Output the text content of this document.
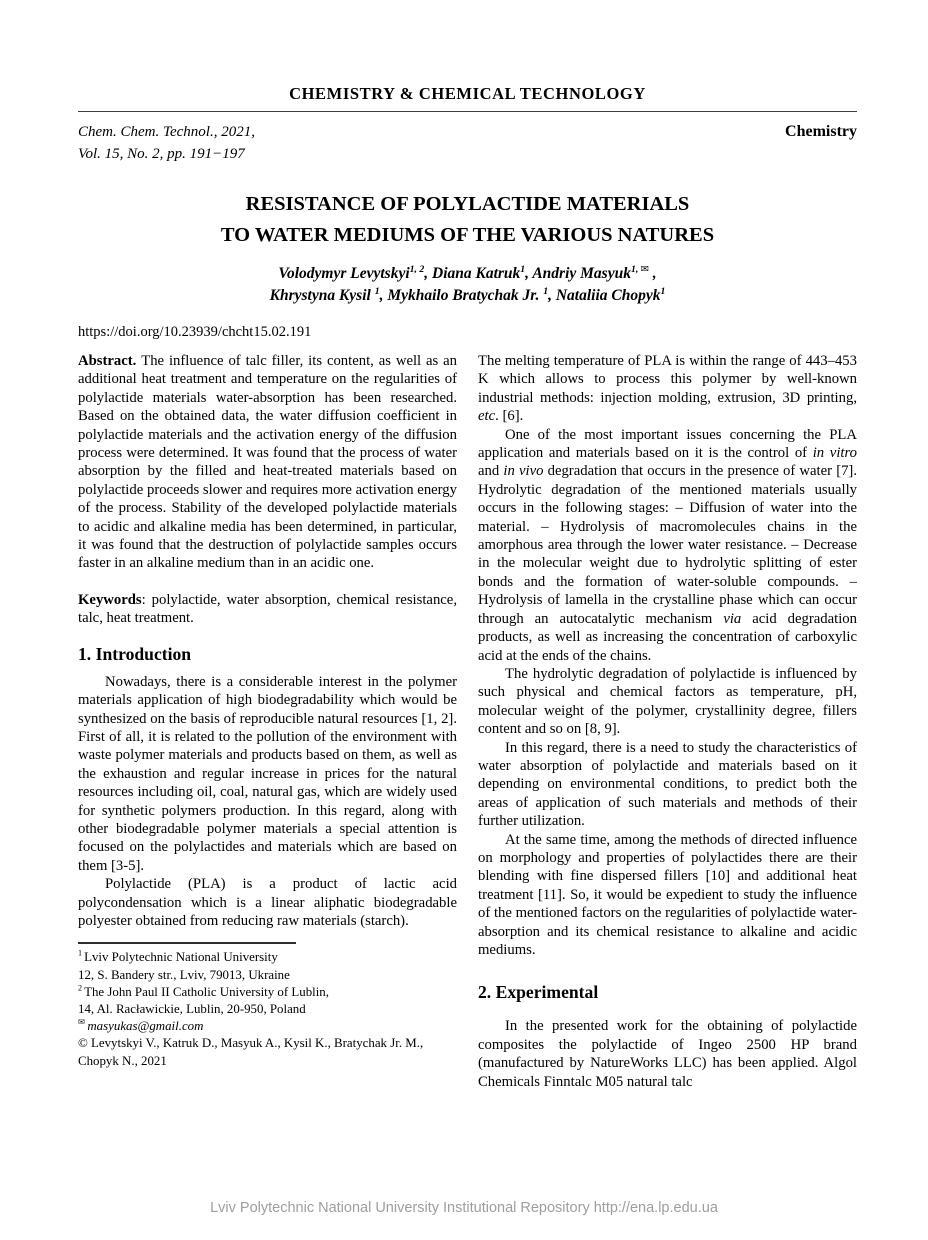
CHEMISTRY & CHEMICAL TECHNOLOGY
Chem. Chem. Technol., 2021,
Vol. 15, No. 2, pp. 191−197
Chemistry
RESISTANCE OF POLYLACTIDE MATERIALS
TO WATER MEDIUMS OF THE VARIOUS NATURES
Volodymyr Levytskyi$^{1, 2}$, Diana Katruk$^1$, Andriy Masyuk$^{1,}$ ✉ ,
Khrystyna Kysil $^1$, Mykhailo Bratychak Jr. $^1$, Nataliia Chopyk$^1$
https://doi.org/10.23939/chcht15.02.191

Abstract. The influence of talc filler, its content, as well as an additional heat treatment and temperature on the regularities of polylactide materials water-absorption has been researched. Based on the obtained data, the water diffusion coefficient in polylactide materials and the activation energy of the diffusion process were determined. It was found that the process of water absorption by the filled and heat-treated materials based on polylactide proceeds slower and requires more activation energy of the process. Stability of the developed polylactide materials to acidic and alkaline media has been determined, in particular, it was found that the destruction of polylactide samples occurs faster in an alkaline medium than in an acidic one.

Keywords: polylactide, water absorption, chemical resistance, talc, heat treatment.

1. Introduction

Nowadays, there is a considerable interest in the polymer materials application of high biodegradability which would be synthesized on the basis of reproducible natural resources [1, 2]. First of all, it is related to the pollution of the environment with waste polymer materials and products based on them, as well as the exhaustion and regular increase in prices for the natural resources including oil, coal, natural gas, which are widely used for synthetic polymers production. In this regard, along with other biodegradable polymer materials a special attention is focused on the polylactides and materials which are based on them [3-5].

Polylactide (PLA) is a product of lactic acid polycondensation which is a linear aliphatic biodegradable polyester obtained from reducing raw materials (starch).

$^1$ Lviv Polytechnic National University
12, S. Bandery str., Lviv, 79013, Ukraine
$^2$ The John Paul II Catholic University of Lublin,
14, Al. Racławickie, Lublin, 20-950, Poland
✉ masyukas@gmail.com
© Levytskyi V., Katruk D., Masyuk A., Kysil K., Bratychak Jr. M., Chopyk N., 2021

The melting temperature of PLA is within the range of 443–453 K which allows to process this polymer by well-known industrial methods: injection molding, extrusion, 3D printing, etc. [6].

One of the most important issues concerning the PLA application and materials based on it is the control of in vitro and in vivo degradation that occurs in the presence of water [7]. Hydrolytic degradation of the mentioned materials usually occurs in the following stages: – Diffusion of water into the material. – Hydrolysis of macromolecules chains in the amorphous area through the lower water resistance. – Decrease in the molecular weight due to hydrolytic splitting of ester bonds and the formation of water-soluble compounds. – Hydrolysis of lamella in the crystalline phase which can occur through an autocatalytic mechanism via acid degradation products, as well as increasing the concentration of carboxylic acid at the ends of the chains.

The hydrolytic degradation of polylactide is influenced by such physical and chemical factors as temperature, pH, molecular weight of the polymer, crystallinity degree, fillers content and so on [8, 9].

In this regard, there is a need to study the characteristics of water absorption of polylactide and materials based on it depending on environmental conditions, to predict both the areas of application of such materials and methods of their further utilization.

At the same time, among the methods of directed influence on morphology and properties of polylactides there are their blending with fine dispersed fillers [10] and additional heat treatment [11]. So, it would be expedient to study the influence of the mentioned factors on the regularities of polylactide water-absorption and its chemical resistance to alkaline and acidic mediums.

2. Experimental

In the presented work for the obtaining of polylactide composites the polylactide of Ingeo 2500 HP brand (manufactured by NatureWorks LLC) has been applied. Algol Chemicals Finntalc M05 natural talc

Lviv Polytechnic National University Institutional Repository http://ena.lp.edu.ua
